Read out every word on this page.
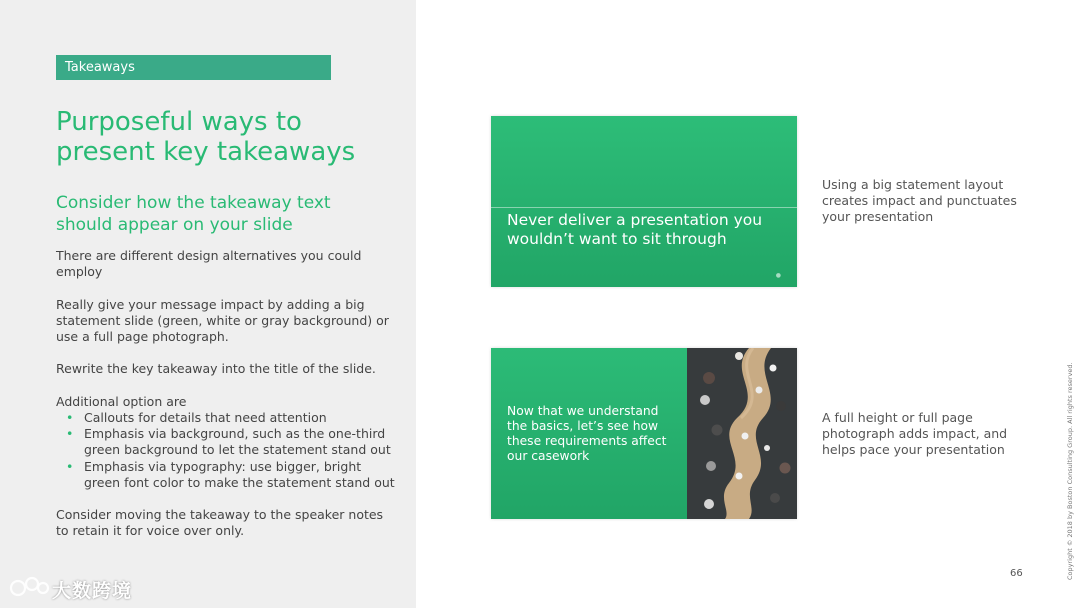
Takeaways
Purposeful ways to present key takeaways
Consider how the takeaway text should appear on your slide

There are different design alternatives you could employ

Really give your message impact by adding a big statement slide (green, white or gray background) or use a full page photograph.

Rewrite the key takeaway into the title of the slide.

Additional option are

• Callouts for details that need attention
• Emphasis via background, such as the one-third green background to let the statement stand out
• Emphasis via typography: use bigger, bright green font color to make the statement stand out

Consider moving the takeaway to the speaker notes to retain it for voice over only.

Never deliver a presentation you wouldn’t want to sit through
●
Using a big statement layout creates impact and punctuates your presentation
Now that we understand the basics, let’s see how these requirements affect our casework
A full height or full page photograph adds impact, and helps pace your presentation
66	Copyright © 2018 by Boston Consulting Group. All rights reserved.
大数跨境
